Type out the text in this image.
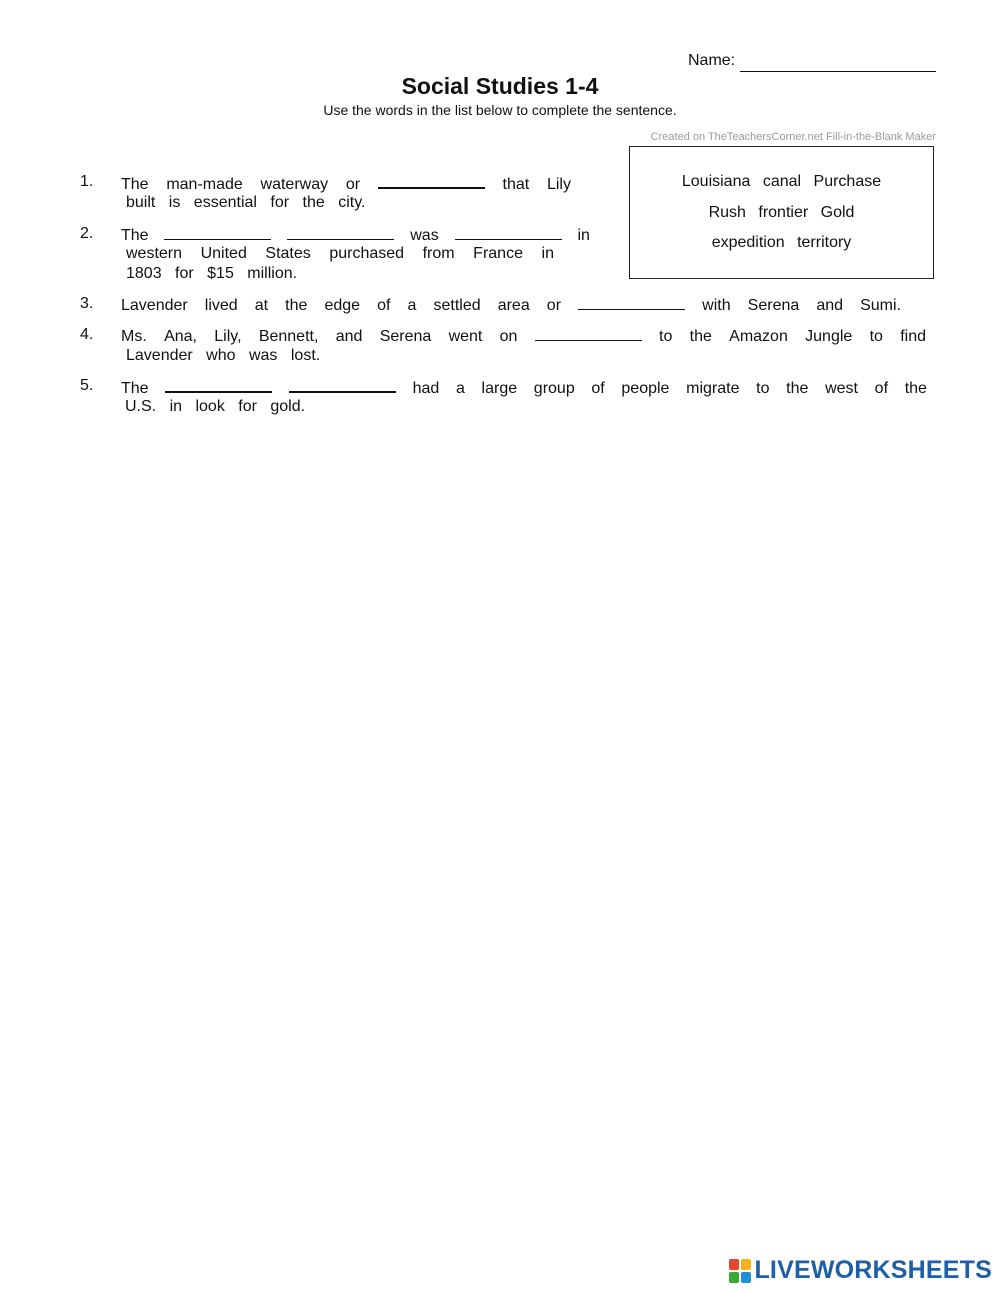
Name:
Social Studies 1-4
Use the words in the list below to complete the sentence.
Created on TheTeachersCorner.net Fill-in-the-Blank Maker
Louisiana canal Purchase
Rush frontier Gold
expedition territory
1. The man-made waterway or	that Lily
built is essential for the city.
2. The	was	in
western United States purchased from France in
1803 for $15 million.
3. Lavender lived at the edge of a settled area or	with Serena and Sumi.
4. Ms. Ana, Lily, Bennett, and Serena went on	to the Amazon Jungle to find
Lavender who was lost.
5. The	had a large group of people migrate to the west of the
U.S. in look for gold.
LIVEWORKSHEETS
